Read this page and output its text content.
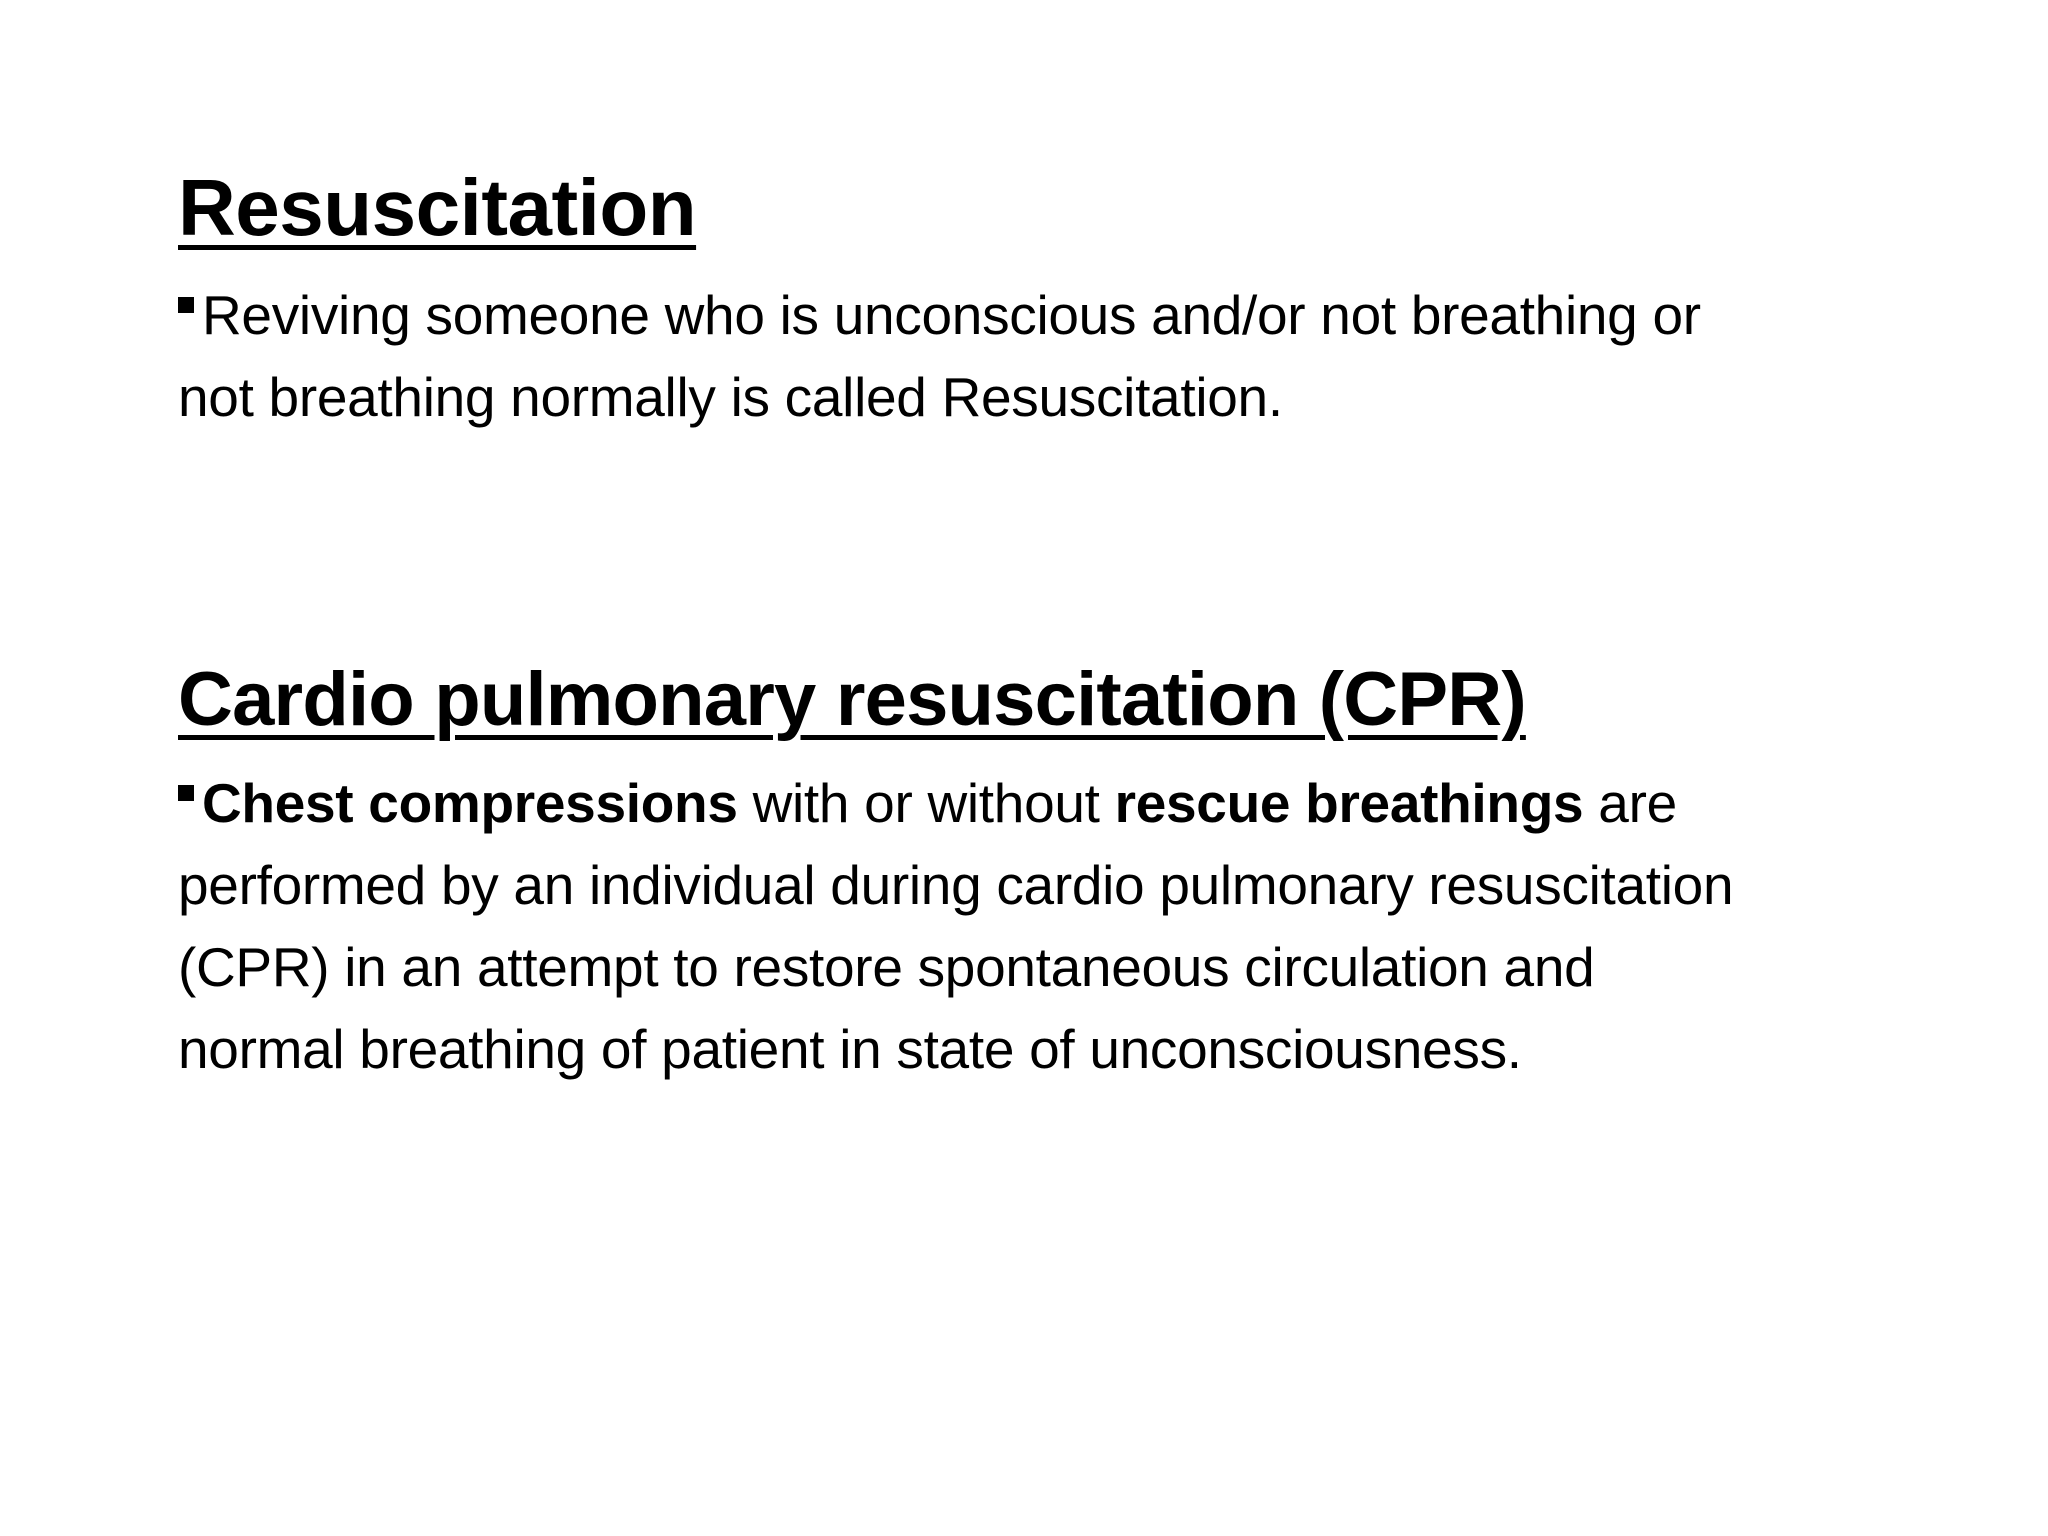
Resuscitation

Reviving someone who is unconscious and/or not breathing or not breathing normally is called Resuscitation.

Cardio pulmonary resuscitation (CPR)

Chest compressions with or without rescue breathings are performed by an individual during cardio pulmonary resuscitation (CPR) in an attempt to restore spontaneous circulation and normal breathing of patient in state of unconsciousness.
